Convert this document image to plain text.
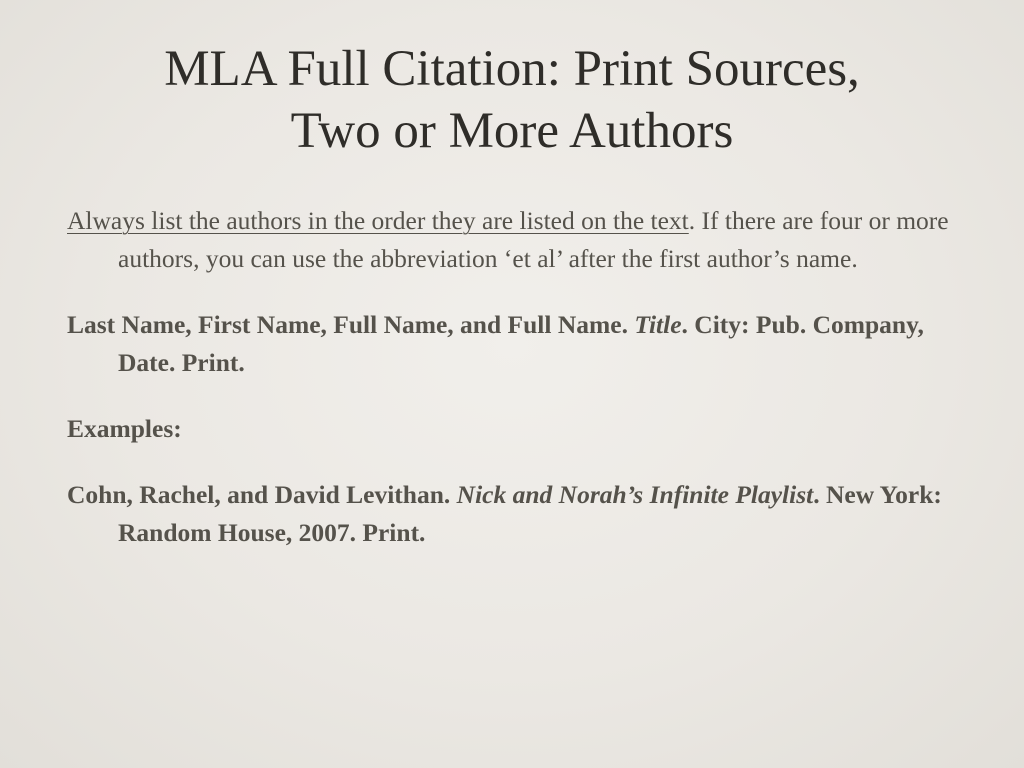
MLA Full Citation: Print Sources,
Two or More Authors

Always list the authors in the order they are listed on the text. If there are four or more authors, you can use the abbreviation ‘et al’ after the first author’s name.

Last Name, First Name, Full Name, and Full Name. Title. City: Pub. Company, Date. Print.

Examples:

Cohn, Rachel, and David Levithan. Nick and Norah’s Infinite Playlist. New York: Random House, 2007. Print.
